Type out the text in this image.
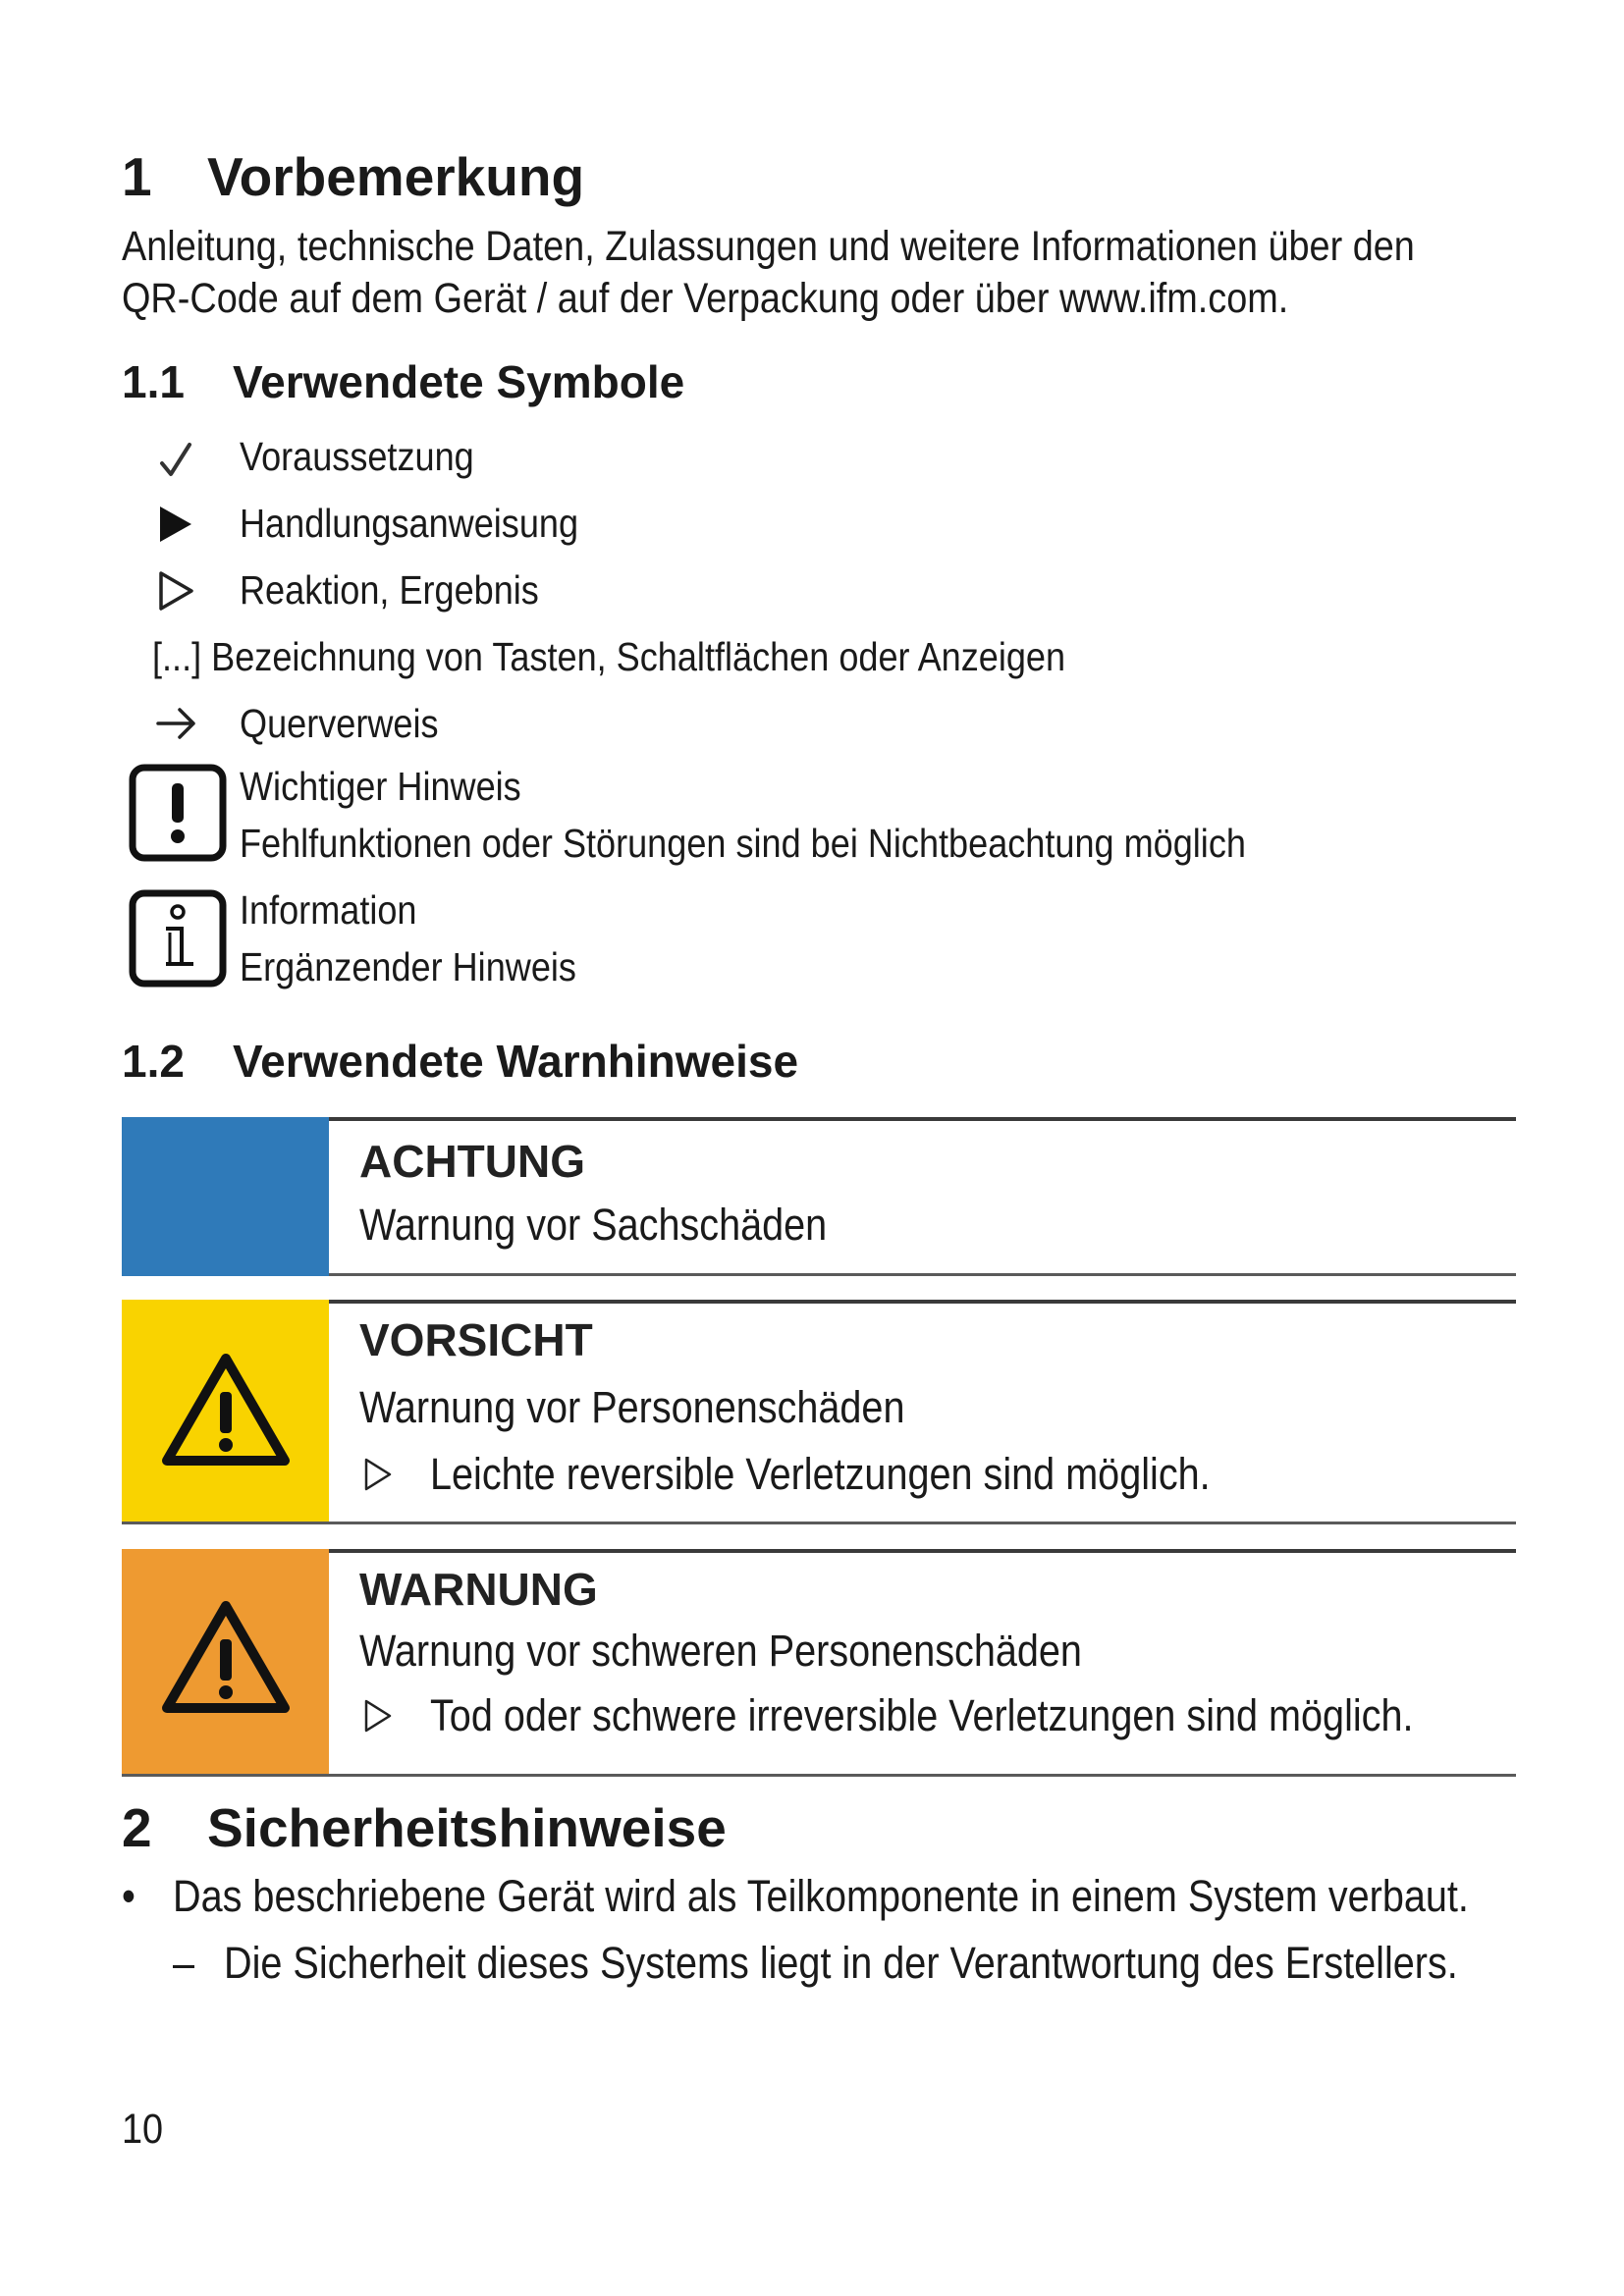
1	Vorbemerkung
Anleitung, technische Daten, Zulassungen und weitere Informationen über den
QR-Code auf dem Gerät / auf der Verpackung oder über www.ifm.com.
1.1	Verwendete Symbole
Voraussetzung
Handlungsanweisung
Reaktion, Ergebnis
[...] Bezeichnung von Tasten, Schaltflächen oder Anzeigen
Querverweis
Wichtiger Hinweis
Fehlfunktionen oder Störungen sind bei Nichtbeachtung möglich
Information
Ergänzender Hinweis
1.2	Verwendete Warnhinweise
ACHTUNG
Warnung vor Sachschäden
VORSICHT
Warnung vor Personenschäden
Leichte reversible Verletzungen sind möglich.
WARNUNG
Warnung vor schweren Personenschäden
Tod oder schwere irreversible Verletzungen sind möglich.
2	Sicherheitshinweise
• Das beschriebene Gerät wird als Teilkomponente in einem System verbaut.
– Die Sicherheit dieses Systems liegt in der Verantwortung des Erstellers.
10
